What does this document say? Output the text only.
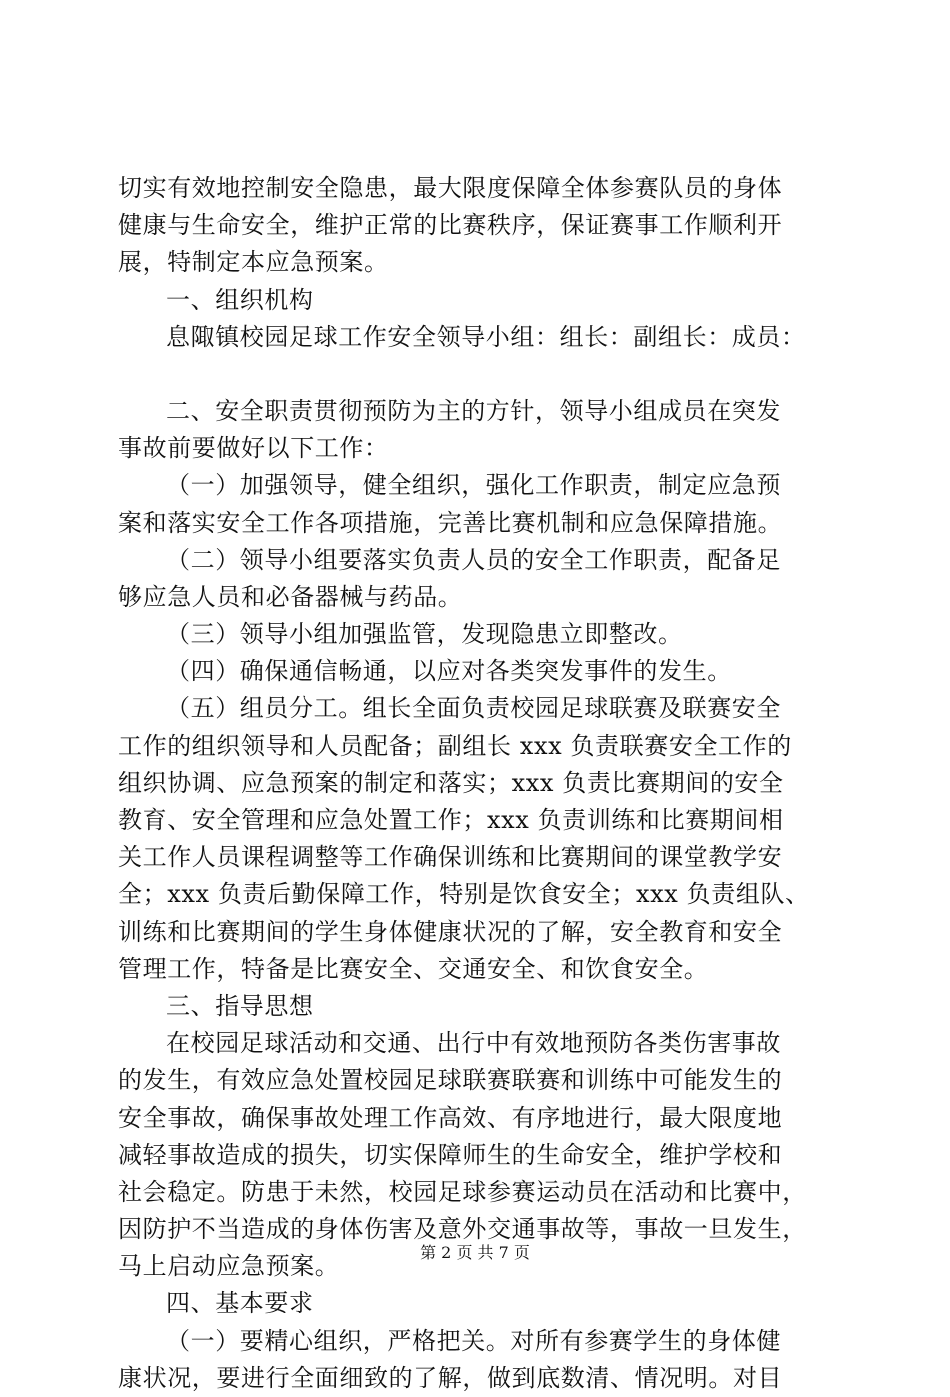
切实有效地控制安全隐患，最大限度保障全体参赛队员的身体
健康与生命安全，维护正常的比赛秩序，保证赛事工作顺利开
展，特制定本应急预案。
一、组织机构
息陬镇校园足球工作安全领导小组：组长：副组长：成员：
二、安全职责贯彻预防为主的方针，领导小组成员在突发
事故前要做好以下工作：
（一）加强领导，健全组织，强化工作职责，制定应急预
案和落实安全工作各项措施，完善比赛机制和应急保障措施。
（二）领导小组要落实负责人员的安全工作职责，配备足
够应急人员和必备器械与药品。
（三）领导小组加强监管，发现隐患立即整改。
（四）确保通信畅通，以应对各类突发事件的发生。
（五）组员分工。组长全面负责校园足球联赛及联赛安全
工作的组织领导和人员配备；副组长 xxx 负责联赛安全工作的
组织协调、应急预案的制定和落实；xxx 负责比赛期间的安全
教育、安全管理和应急处置工作；xxx 负责训练和比赛期间相
关工作人员课程调整等工作确保训练和比赛期间的课堂教学安
全；xxx 负责后勤保障工作，特别是饮食安全；xxx 负责组队、
训练和比赛期间的学生身体健康状况的了解，安全教育和安全
管理工作，特备是比赛安全、交通安全、和饮食安全。
三、指导思想
在校园足球活动和交通、出行中有效地预防各类伤害事故
的发生，有效应急处置校园足球联赛联赛和训练中可能发生的
安全事故，确保事故处理工作高效、有序地进行，最大限度地
减轻事故造成的损失，切实保障师生的生命安全，维护学校和
社会稳定。防患于未然，校园足球参赛运动员在活动和比赛中，
因防护不当造成的身体伤害及意外交通事故等，事故一旦发生，
马上启动应急预案。
四、基本要求
（一）要精心组织，严格把关。对所有参赛学生的身体健
康状况，要进行全面细致的了解，做到底数清、情况明。对目
第 2 页 共 7 页
